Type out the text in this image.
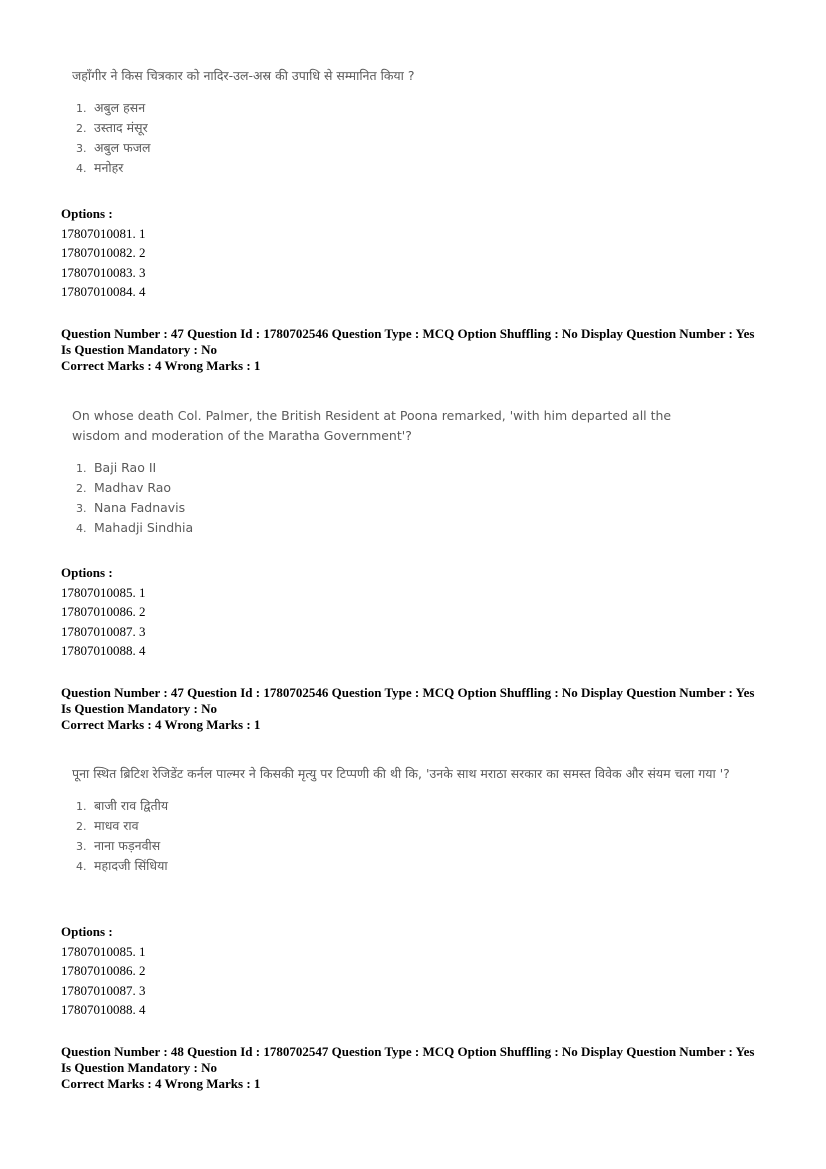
जहाँगीर ने किस चित्रकार को नादिर-उल-अस्र की उपाधि से सम्मानित किया ?

1. अबुल हसन
2. उस्ताद मंसूर
3. अबुल फजल
4. मनोहर
Options :
17807010081. 1
17807010082. 2
17807010083. 3
17807010084. 4
Question Number : 47 Question Id : 1780702546 Question Type : MCQ Option Shuffling : No Display Question Number : Yes
Is Question Mandatory : No
Correct Marks : 4 Wrong Marks : 1

On whose death Col. Palmer, the British Resident at Poona remarked, 'with him departed all the wisdom and moderation of the Maratha Government'?

1. Baji Rao II
2. Madhav Rao
3. Nana Fadnavis
4. Mahadji Sindhia
Options :
17807010085. 1
17807010086. 2
17807010087. 3
17807010088. 4
Question Number : 47 Question Id : 1780702546 Question Type : MCQ Option Shuffling : No Display Question Number : Yes
Is Question Mandatory : No
Correct Marks : 4 Wrong Marks : 1

पूना स्थित ब्रिटिश रेजिडेंट कर्नल पाल्मर ने किसकी मृत्यु पर टिप्पणी की थी कि, 'उनके साथ मराठा सरकार का समस्त विवेक और संयम चला गया '?

1. बाजी राव द्वितीय
2. माधव राव
3. नाना फड़नवीस
4. महादजी सिंधिया
Options :
17807010085. 1
17807010086. 2
17807010087. 3
17807010088. 4
Question Number : 48 Question Id : 1780702547 Question Type : MCQ Option Shuffling : No Display Question Number : Yes
Is Question Mandatory : No
Correct Marks : 4 Wrong Marks : 1
